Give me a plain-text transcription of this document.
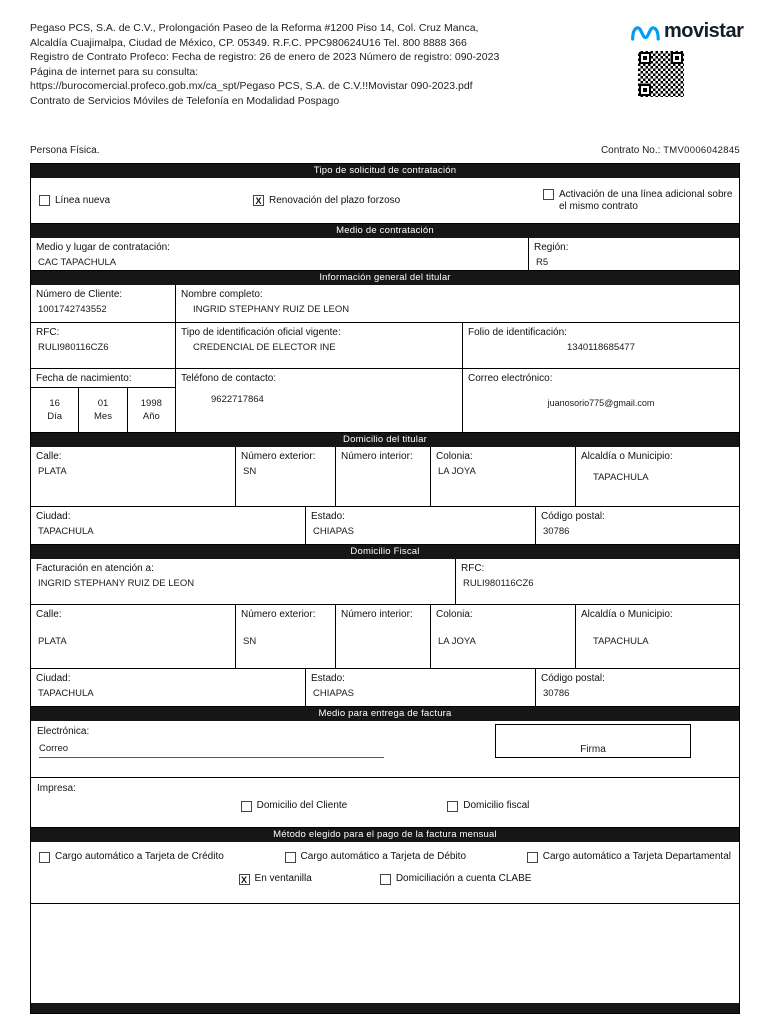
Pegaso PCS, S.A. de C.V., Prolongación Paseo de la Reforma #1200 Piso 14, Col. Cruz Manca,
Alcaldía Cuajimalpa, Ciudad de México, CP. 05349. R.F.C. PPC980624U16 Tel. 800 8888 366
Registro de Contrato Profeco: Fecha de registro: 26 de enero de 2023 Número de registro: 090-2023
Página de internet para su consulta:
https://burocomercial.profeco.gob.mx/ca_spt/Pegaso PCS, S.A. de C.V.!!Movistar 090-2023.pdf
Contrato de Servicios Móviles de Telefonía en Modalidad Pospago
movistar
Persona Física.	Contrato No.: TMV0006042845
Tipo de solicitud de contratación
Línea nueva	X Renovación del plazo forzoso
Activación de una línea adicional sobre el mismo contrato
Medio de contratación
Medio y lugar de contratación:
CAC TAPACHULA
Región:
R5
Información general del titular
Número de Cliente:
1001742743552
Nombre completo:
INGRID STEPHANY RUIZ DE LEON
RFC:
RULI980116CZ6
Tipo de identificación oficial vigente:
CREDENCIAL DE ELECTOR INE
Folio de identificación:
1340118685477
Fecha de nacimiento:
16
Día
01
Mes
1998
Año
Teléfono de contacto:
9622717864
Correo electrónico:
juanosorio775@gmail.com
Domicilio del titular
Calle:
PLATA
Número exterior:
SN
Número interior:	Colonia:
LA JOYA
Alcaldía o Municipio:
TAPACHULA
Ciudad:
TAPACHULA
Estado:
CHIAPAS
Código postal:
30786
Domicilio Fiscal
Facturación en atención a:
INGRID STEPHANY RUIZ DE LEON
RFC:
RULI980116CZ6
Calle:
PLATA
Número exterior:
SN
Número interior:	Colonia:
LA JOYA
Alcaldía o Municipio:
TAPACHULA
Ciudad:
TAPACHULA
Estado:
CHIAPAS
Código postal:
30786
Medio para entrega de factura
Electrónica:
Correo	Firma
Impresa:
Domicilio del Cliente	Domicilio fiscal
Método elegido para el pago de la factura mensual
Cargo automático a Tarjeta de Crédito	Cargo automático a Tarjeta de Débito	Cargo automático a Tarjeta Departamental
X En ventanilla	Domiciliación a cuenta CLABE
